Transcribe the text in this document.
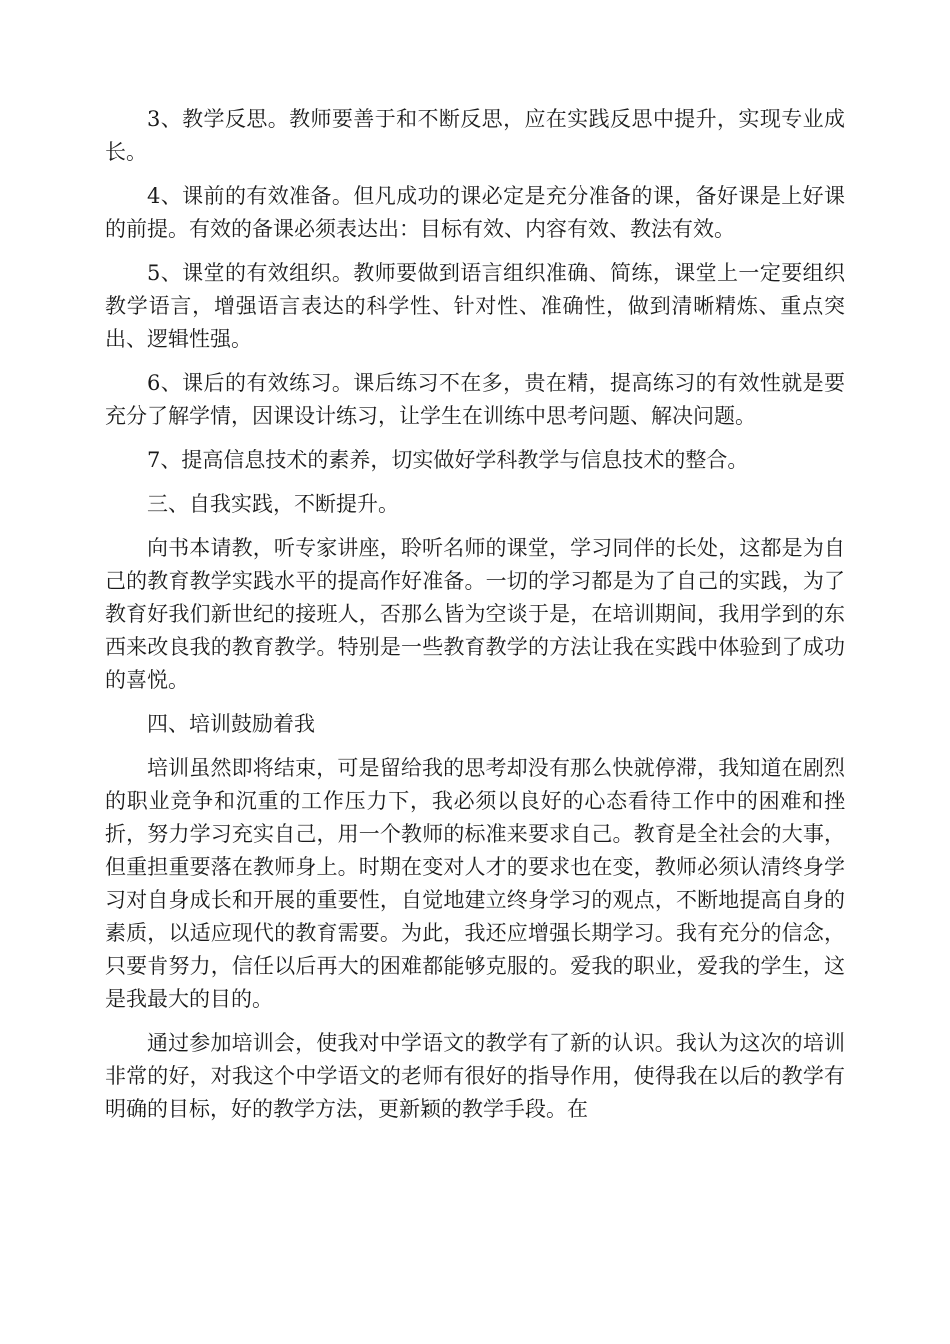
3、教学反思。教师要善于和不断反思，应在实践反思中提升，实现专业成长。

4、课前的有效准备。但凡成功的课必定是充分准备的课，备好课是上好课的前提。有效的备课必须表达出：目标有效、内容有效、教法有效。

5、课堂的有效组织。教师要做到语言组织准确、简练，课堂上一定要组织教学语言，增强语言表达的科学性、针对性、准确性，做到清晰精炼、重点突出、逻辑性强。

6、课后的有效练习。课后练习不在多，贵在精，提高练习的有效性就是要充分了解学情，因课设计练习，让学生在训练中思考问题、解决问题。

7、提高信息技术的素养，切实做好学科教学与信息技术的整合。

三、自我实践，不断提升。

向书本请教，听专家讲座，聆听名师的课堂，学习同伴的长处，这都是为自己的教育教学实践水平的提高作好准备。一切的学习都是为了自己的实践，为了教育好我们新世纪的接班人，否那么皆为空谈于是，在培训期间，我用学到的东西来改良我的教育教学。特别是一些教育教学的方法让我在实践中体验到了成功的喜悦。

四、培训鼓励着我

培训虽然即将结束，可是留给我的思考却没有那么快就停滞，我知道在剧烈的职业竞争和沉重的工作压力下，我必须以良好的心态看待工作中的困难和挫折，努力学习充实自己，用一个教师的标准来要求自己。教育是全社会的大事，但重担重要落在教师身上。时期在变对人才的要求也在变，教师必须认清终身学习对自身成长和开展的重要性，自觉地建立终身学习的观点，不断地提高自身的素质，以适应现代的教育需要。为此，我还应增强长期学习。我有充分的信念，只要肯努力，信任以后再大的困难都能够克服的。爱我的职业，爱我的学生，这是我最大的目的。

通过参加培训会，使我对中学语文的教学有了新的认识。我认为这次的培训非常的好，对我这个中学语文的老师有很好的指导作用，使得我在以后的教学有明确的目标，好的教学方法，更新颖的教学手段。在
